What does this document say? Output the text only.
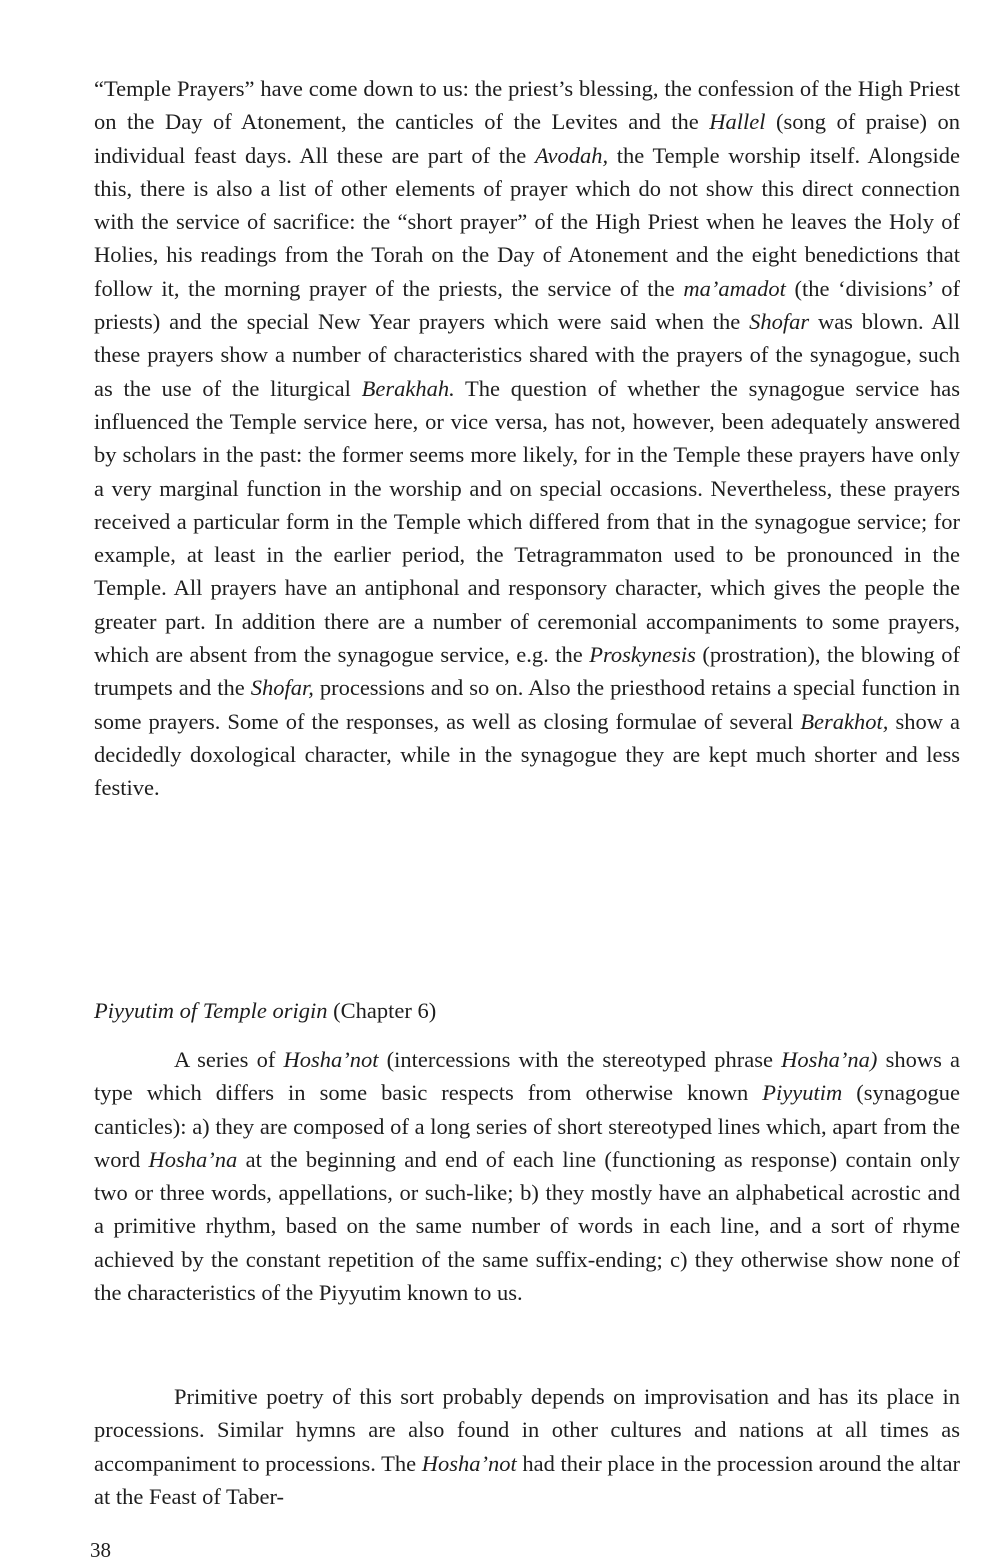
“Temple Prayers” have come down to us: the priest’s blessing, the confession of the High Priest on the Day of Atonement, the canticles of the Levites and the Hallel (song of praise) on individual feast days. All these are part of the Avodah, the Temple worship itself. Alongside this, there is also a list of other elements of prayer which do not show this direct connection with the service of sacrifice: the “short prayer” of the High Priest when he leaves the Holy of Holies, his readings from the Torah on the Day of Atonement and the eight benedictions that follow it, the morning prayer of the priests, the service of the ma’amadot (the ‘divisions’ of priests) and the special New Year prayers which were said when the Shofar was blown. All these prayers show a number of characteristics shared with the prayers of the synagogue, such as the use of the liturgical Berakhah. The question of whether the synagogue service has influenced the Temple service here, or vice versa, has not, however, been adequately answered by scholars in the past: the former seems more likely, for in the Temple these prayers have only a very marginal function in the worship and on special occasions. Nevertheless, these prayers received a particular form in the Temple which differed from that in the synagogue service; for example, at least in the earlier period, the Tetragrammaton used to be pronounced in the Temple. All prayers have an antiphonal and responsory character, which gives the people the greater part. In addition there are a number of ceremonial accompaniments to some prayers, which are absent from the synagogue service, e.g. the Proskynesis (prostration), the blowing of trumpets and the Shofar, processions and so on. Also the priesthood retains a special function in some prayers. Some of the responses, as well as closing formulae of several Berakhot, show a decidedly doxological character, while in the synagogue they are kept much shorter and less festive.

Piyyutim of Temple origin (Chapter 6)

A series of Hosha’not (intercessions with the stereotyped phrase Hosha’na) shows a type which differs in some basic respects from otherwise known Piyyutim (synagogue canticles): a) they are composed of a long series of short stereotyped lines which, apart from the word Hosha’na at the beginning and end of each line (functioning as response) contain only two or three words, appellations, or such-like; b) they mostly have an alphabetical acrostic and a primitive rhythm, based on the same number of words in each line, and a sort of rhyme achieved by the constant repetition of the same suffix-ending; c) they otherwise show none of the characteristics of the Piyyutim known to us.

Primitive poetry of this sort probably depends on improvisation and has its place in processions. Similar hymns are also found in other cultures and nations at all times as accompaniment to processions. The Hosha’not had their place in the procession around the altar at the Feast of Taber-

38
